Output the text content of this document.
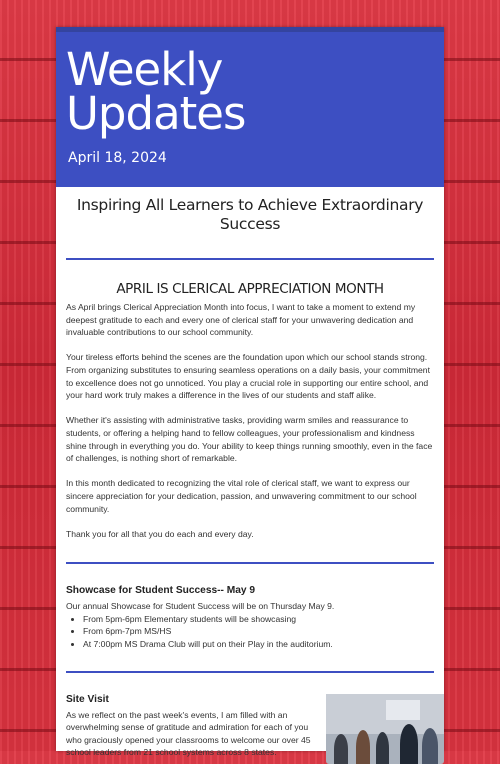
Weekly
Updates
April 18, 2024
Inspiring All Learners to Achieve Extraordinary Success
APRIL IS CLERICAL APPRECIATION MONTH

As April brings Clerical Appreciation Month into focus, I want to take a moment to extend my deepest gratitude to each and every one of clerical staff for your unwavering dedication and invaluable contributions to our school community.

Your tireless efforts behind the scenes are the foundation upon which our school stands strong. From organizing substitutes to ensuring seamless operations on a daily basis, your commitment to excellence does not go unnoticed. You play a crucial role in supporting our entire school, and your hard work truly makes a difference in the lives of our students and staff alike.

Whether it's assisting with administrative tasks, providing warm smiles and reassurance to students, or offering a helping hand to fellow colleagues, your professionalism and kindness shine through in everything you do. Your ability to keep things running smoothly, even in the face of challenges, is nothing short of remarkable.

In this month dedicated to recognizing the vital role of clerical staff, we want to express our sincere appreciation for your dedication, passion, and unwavering commitment to our school community.

Thank you for all that you do each and every day.

Showcase for Student Success-- May 9
Our annual Showcase for Student Success will be on Thursday May 9.
• From 5pm-6pm Elementary students will be showcasing
• From 6pm-7pm MS/HS
• At 7:00pm MS Drama Club will put on their Play in the auditorium.
Site Visit
As we reflect on the past week's events, I am filled with an
overwhelming sense of gratitude and admiration for each of you
who graciously opened your classrooms to welcome our over 45
school leaders from 21 school systems across 8 states.
